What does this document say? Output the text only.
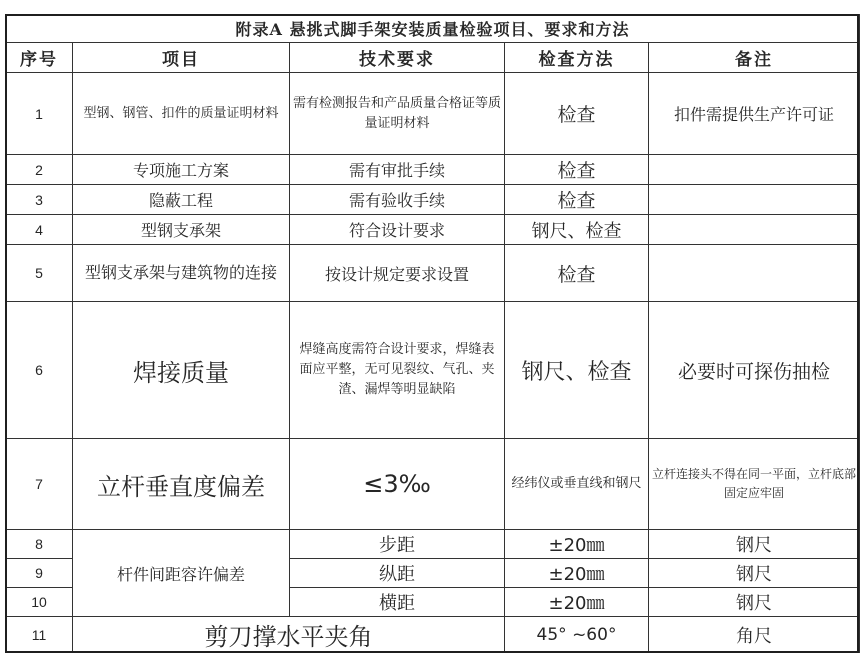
附录A 悬挑式脚手架安装质量检验项目、要求和方法				
序号	项目	技术要求	检查方法	备注
1	型钢、钢管、扣件的质量证明材料	需有检测报告和产品质量合格证等质量证明材料	检查	扣件需提供生产许可证
2	专项施工方案	需有审批手续	检查	
3	隐蔽工程	需有验收手续	检查	
4	型钢支承架	符合设计要求	钢尺、检查	
5	型钢支承架与建筑物的连接	按设计规定要求设置	检查	
6	焊接质量	焊缝高度需符合设计要求，焊缝表面应平整，无可见裂纹、气孔、夹渣、漏焊等明显缺陷	钢尺、检查	必要时可探伤抽检
7	立杆垂直度偏差	≤3‰	经纬仪或垂直线和钢尺	立杆连接头不得在同一平面，立杆底部固定应牢固
8	杆件间距容许偏差	步距	±20㎜	钢尺
9		纵距	±20㎜	钢尺
10		横距	±20㎜	钢尺
11	剪刀撑水平夹角		45° ~60°	角尺
